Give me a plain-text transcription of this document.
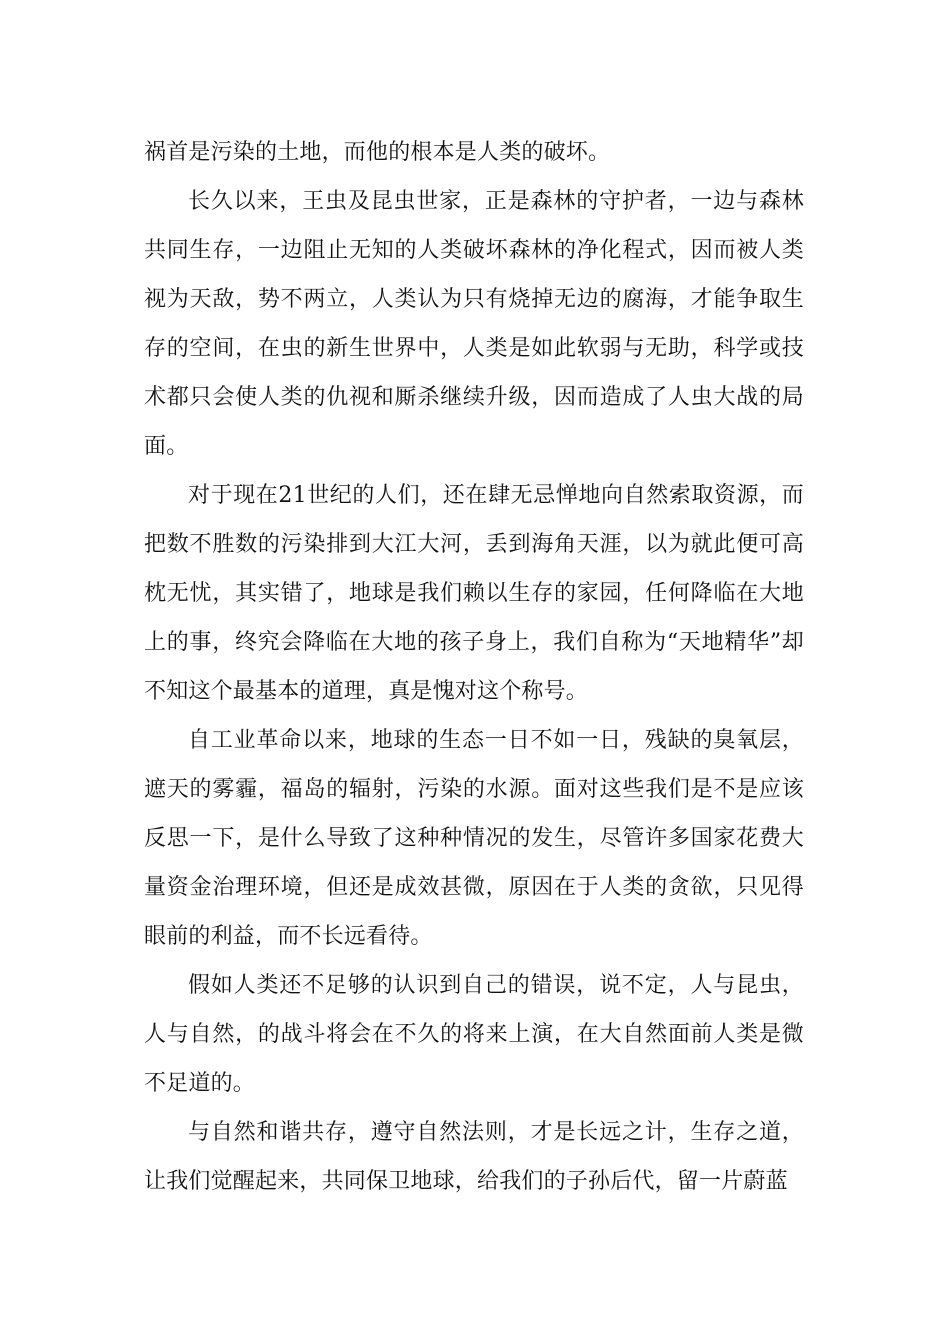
祸首是污染的土地，而他的根本是人类的破坏。

长久以来，王虫及昆虫世家，正是森林的守护者，一边与森林共同生存，一边阻止无知的人类破坏森林的净化程式，因而被人类视为天敌，势不两立，人类认为只有烧掉无边的腐海，才能争取生存的空间，在虫的新生世界中，人类是如此软弱与无助，科学或技术都只会使人类的仇视和厮杀继续升级，因而造成了人虫大战的局面。

对于现在21世纪的人们，还在肆无忌惮地向自然索取资源，而把数不胜数的污染排到大江大河，丢到海角天涯，以为就此便可高枕无忧，其实错了，地球是我们赖以生存的家园，任何降临在大地上的事，终究会降临在大地的孩子身上，我们自称为“天地精华”却不知这个最基本的道理，真是愧对这个称号。

自工业革命以来，地球的生态一日不如一日，残缺的臭氧层，遮天的雾霾，福岛的辐射，污染的水源。面对这些我们是不是应该反思一下，是什么导致了这种种情况的发生，尽管许多国家花费大量资金治理环境，但还是成效甚微，原因在于人类的贪欲，只见得眼前的利益，而不长远看待。

假如人类还不足够的认识到自己的错误，说不定，人与昆虫，人与自然，的战斗将会在不久的将来上演，在大自然面前人类是微不足道的。

与自然和谐共存，遵守自然法则，才是长远之计，生存之道，让我们觉醒起来，共同保卫地球，给我们的子孙后代，留一片蔚蓝
